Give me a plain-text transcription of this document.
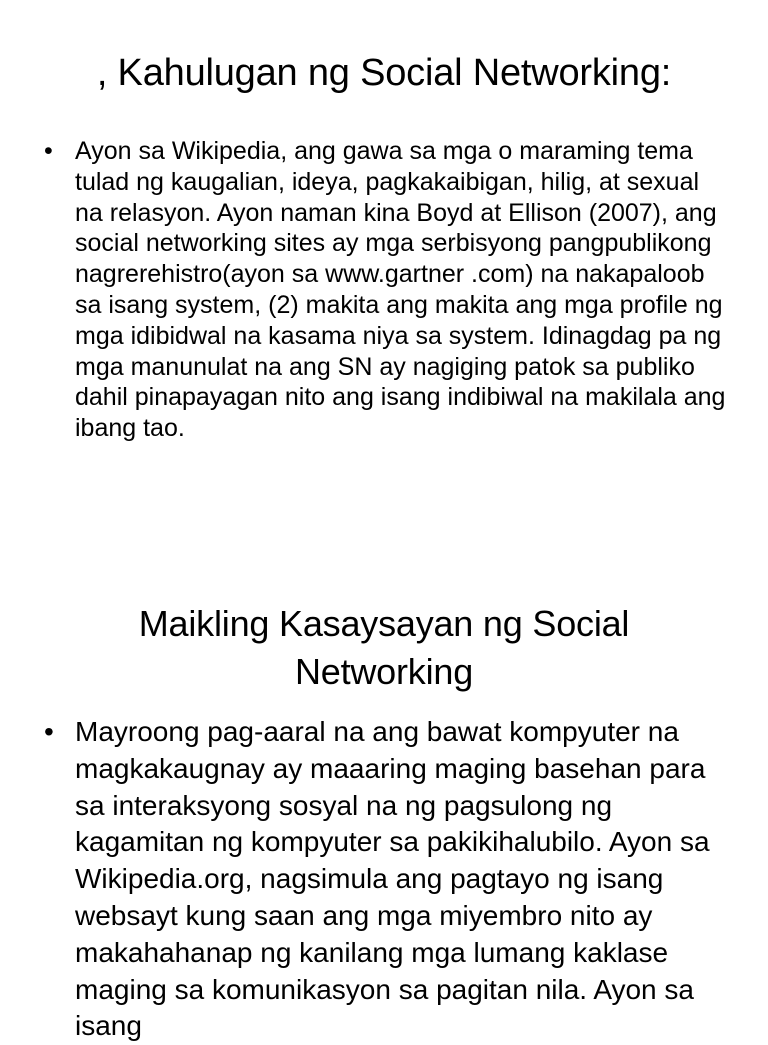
, Kahulugan ng Social Networking:
• Ayon sa Wikipedia, ang gawa sa mga o maraming tema tulad ng kaugalian, ideya, pagkakaibigan, hilig, at sexual na relasyon. Ayon naman kina Boyd at Ellison (2007), ang social networking sites ay mga serbisyong pangpublikong nagrerehistro(ayon sa www.gartner .com) na nakapaloob sa isang system, (2) makita ang makita ang mga profile ng mga idibidwal na kasama niya sa system. Idinagdag pa ng mga manunulat na ang SN ay nagiging patok sa publiko dahil pinapayagan nito ang isang indibiwal na makilala ang ibang tao.
Maikling Kasaysayan ng Social Networking
• Mayroong pag-aaral na ang bawat kompyuter na magkakaugnay ay maaaring maging basehan para sa interaksyong sosyal na ng pagsulong ng kagamitan ng kompyuter sa pakikihalubilo. Ayon sa Wikipedia.org, nagsimula ang pagtayo ng isang websayt kung saan ang mga miyembro nito ay makahahanap ng kanilang mga lumang kaklase maging sa komunikasyon sa pagitan nila. Ayon sa isang
